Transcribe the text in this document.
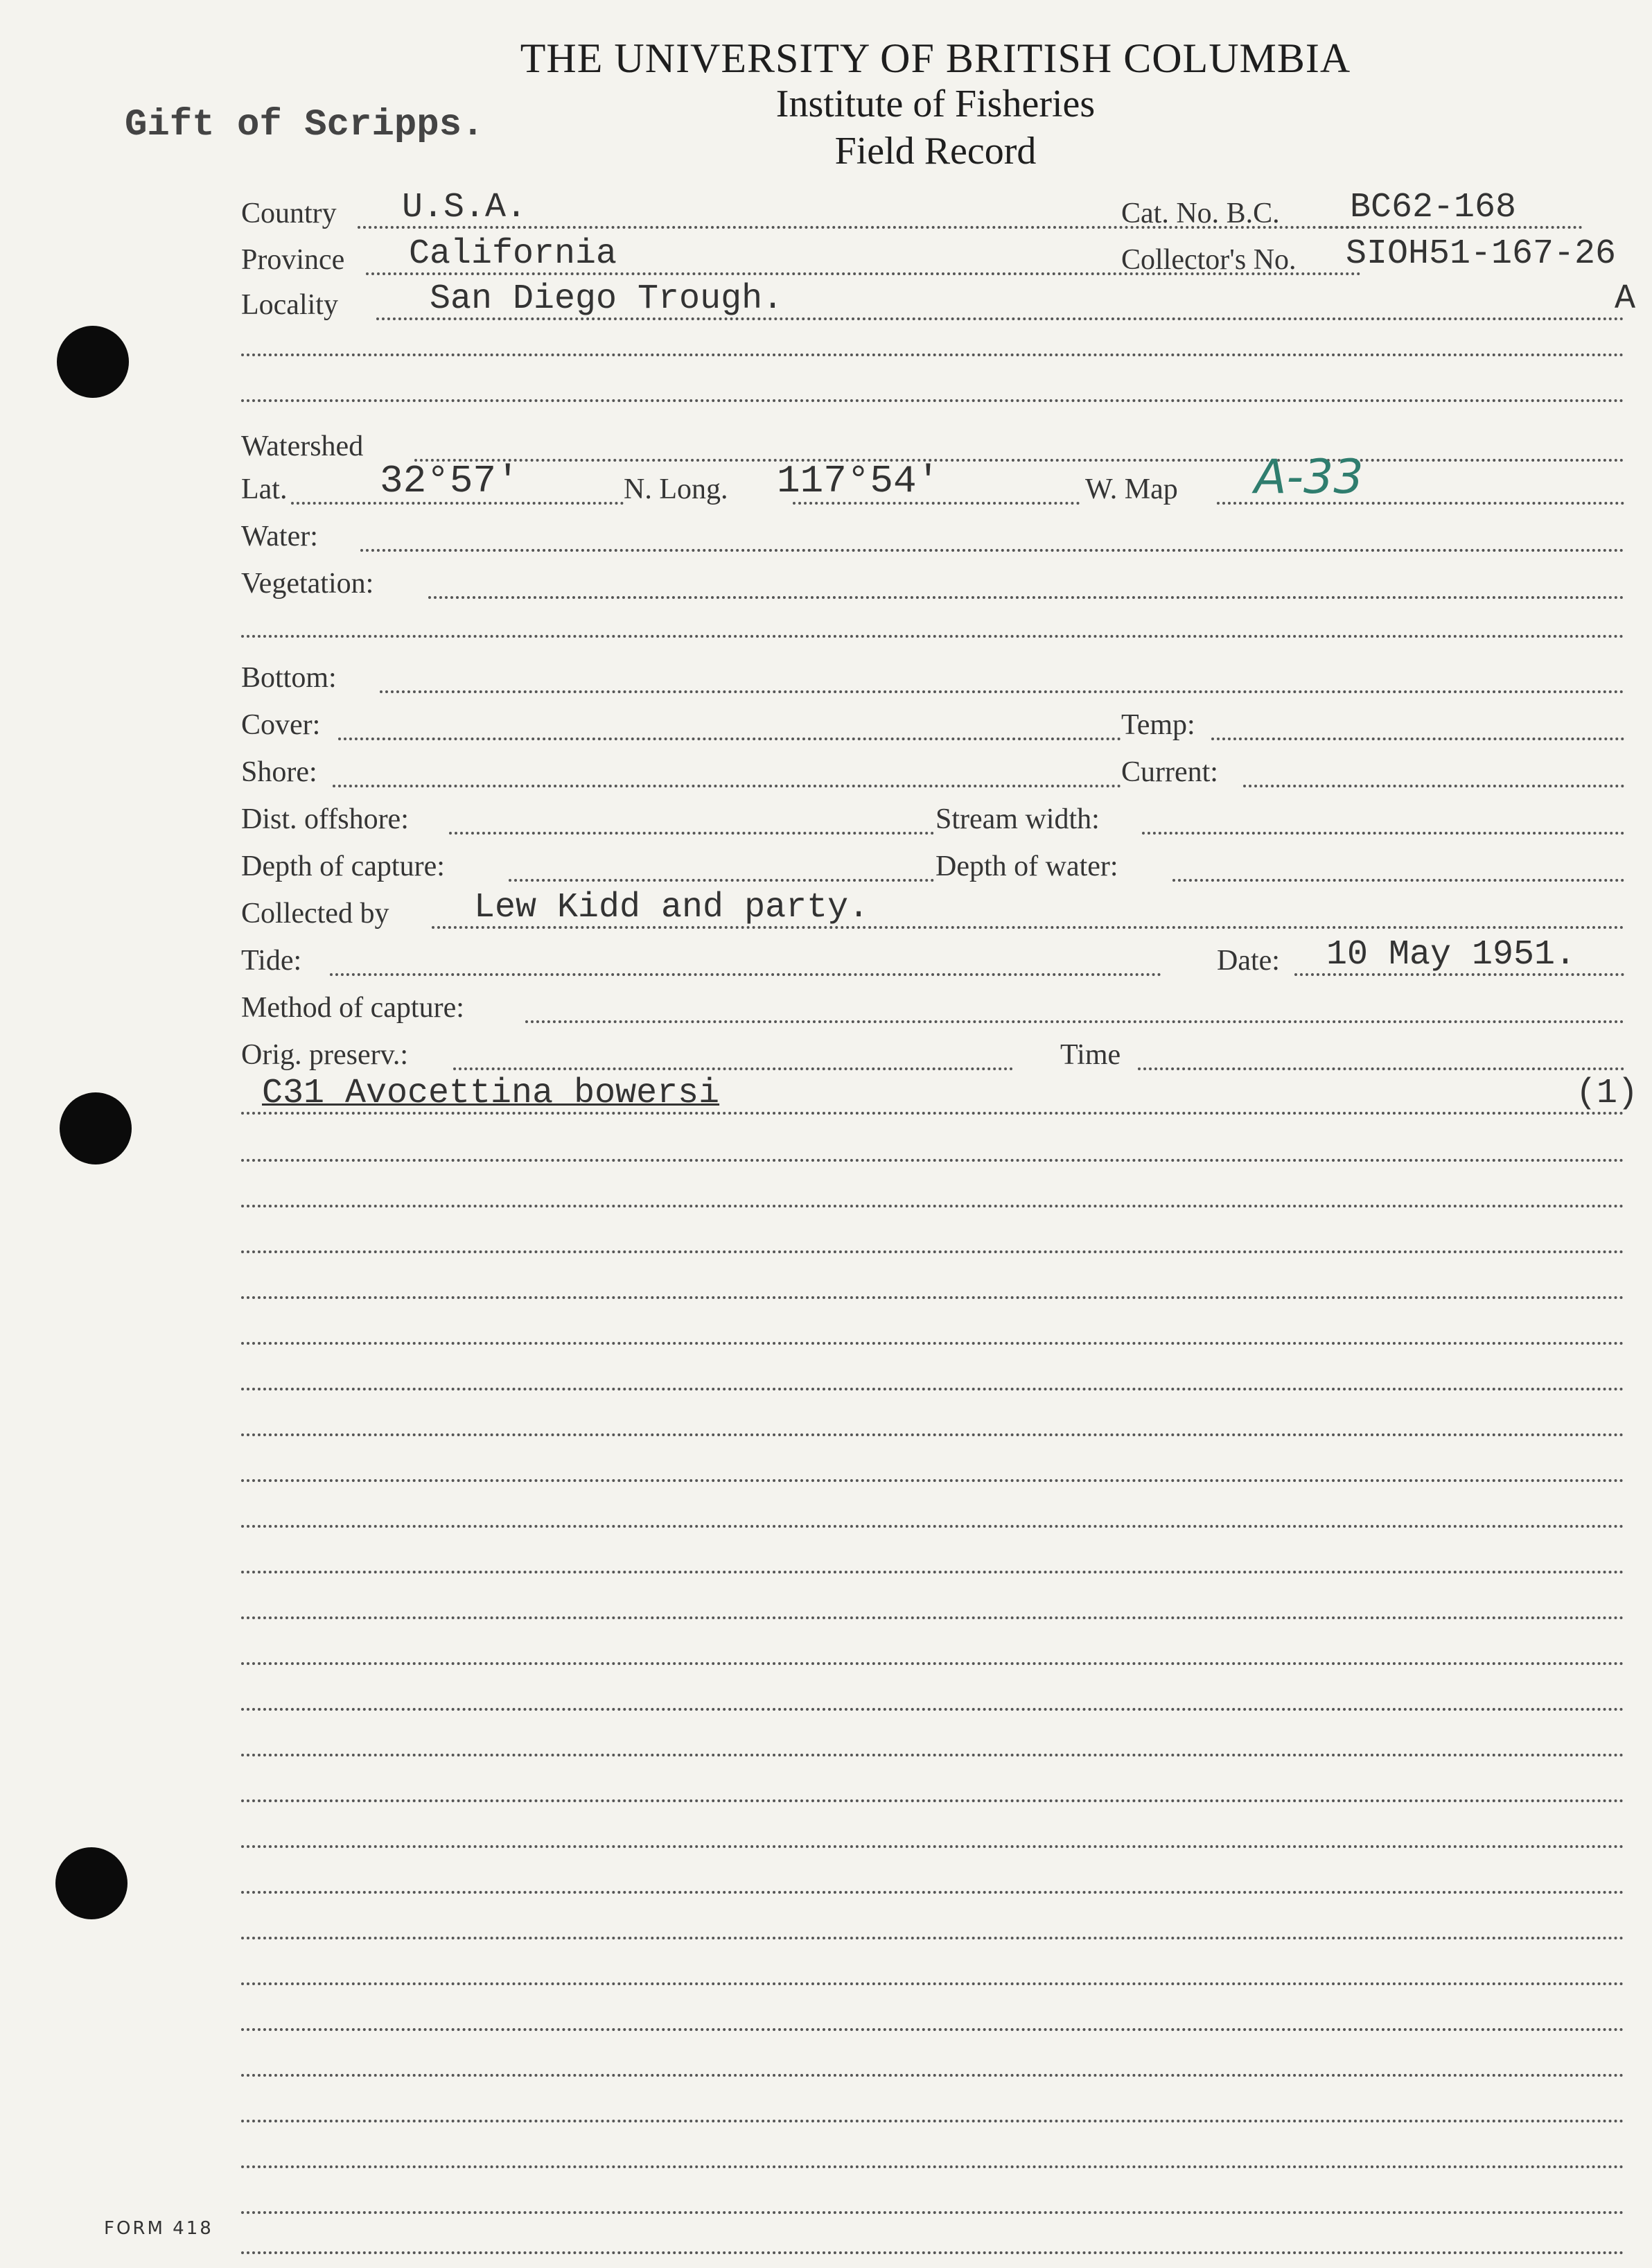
THE UNIVERSITY OF BRITISH COLUMBIA
Institute of Fisheries
Field Record
Gift of Scripps.
Country U.S.A.	Cat. No. B.C. BC62-168
Province California	Collector's No. SIOH51-167-26
Locality	San Diego Trough.	A
Watershed
Lat. 32°57'	N. Long. 117°54'	W. Map A-33
Water:
Vegetation:
Bottom:
Cover:	Temp:
Shore:	Current:
Dist. offshore:	Stream width:
Depth of capture:	Depth of water:
Collected by Lew Kidd and party.
Tide:	Date: 10 May 1951.
Method of capture:
Orig. preserv.:	Time
C31 Avocettina bowersi	(1)
FORM 418
